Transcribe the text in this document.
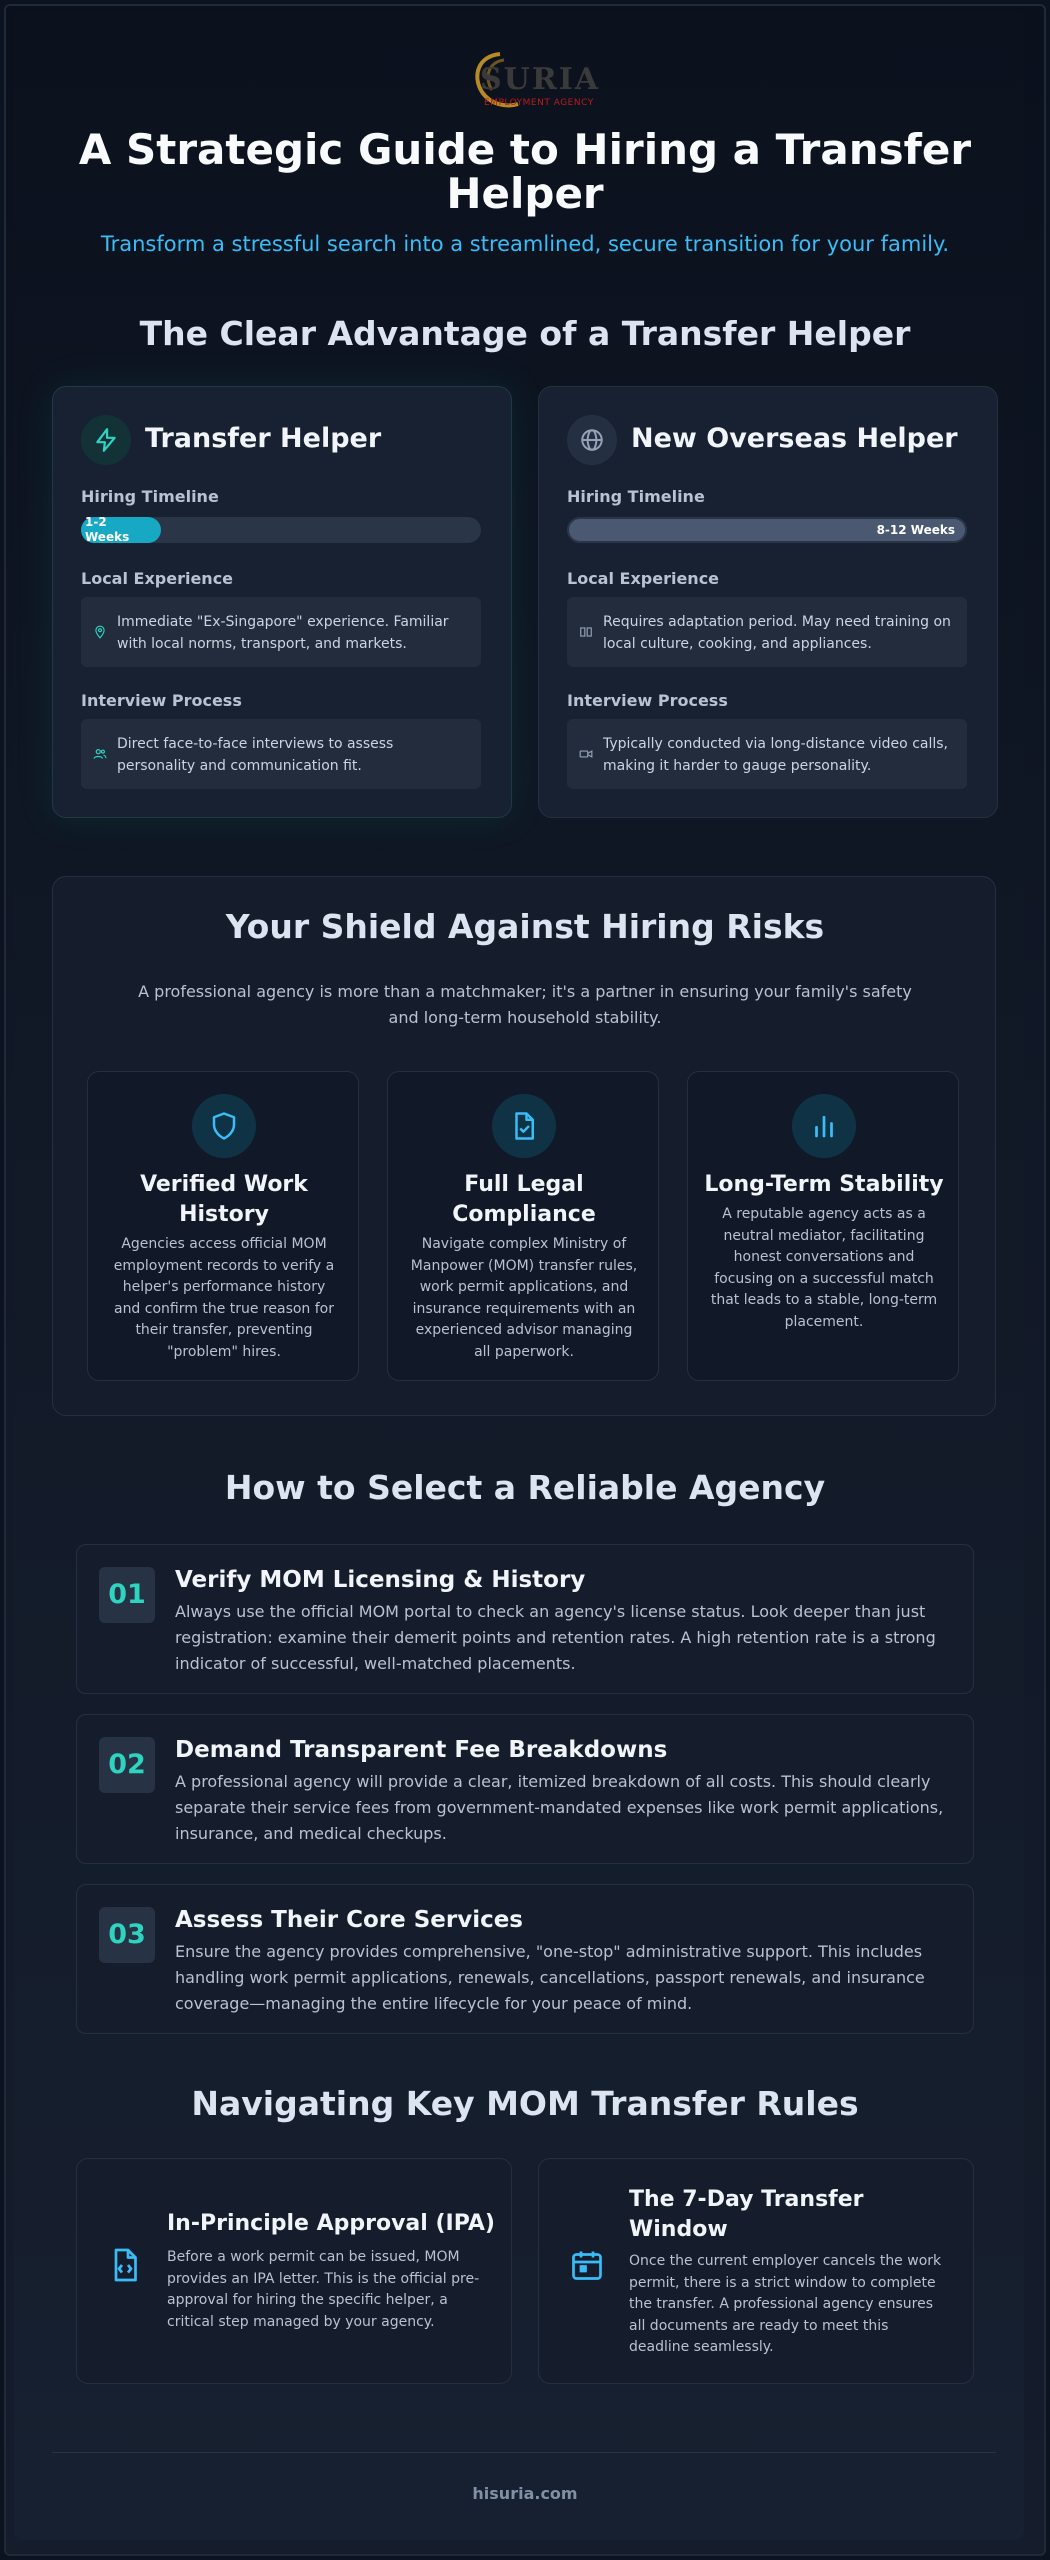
SURIA
EMPLOYMENT AGENCY
A Strategic Guide to Hiring a Transfer Helper

Transform a stressful search into a streamlined, secure transition for your family.

The Clear Advantage of a Transfer Helper
Transfer Helper
Hiring Timeline
1-2 Weeks
Local Experience
Immediate "Ex-Singapore" experience. Familiar with local norms, transport, and markets.
Interview Process
Direct face-to-face interviews to assess personality and communication fit.
New Overseas Helper
Hiring Timeline
8-12 Weeks
Local Experience
Requires adaptation period. May need training on local culture, cooking, and appliances.
Interview Process
Typically conducted via long-distance video calls, making it harder to gauge personality.
Your Shield Against Hiring Risks

A professional agency is more than a matchmaker; it's a partner in ensuring your family's safety and long-term household stability.

Verified Work History
Agencies access official MOM employment records to verify a helper's performance history and confirm the true reason for their transfer, preventing "problem" hires.
Full Legal Compliance
Navigate complex Ministry of Manpower (MOM) transfer rules, work permit applications, and insurance requirements with an experienced advisor managing all paperwork.
Long-Term Stability
A reputable agency acts as a neutral mediator, facilitating honest conversations and focusing on a successful match that leads to a stable, long-term placement.
How to Select a Reliable Agency
01	Verify MOM Licensing & History
Always use the official MOM portal to check an agency's license status. Look deeper than just registration: examine their demerit points and retention rates. A high retention rate is a strong indicator of successful, well-matched placements.
02	Demand Transparent Fee Breakdowns
A professional agency will provide a clear, itemized breakdown of all costs. This should clearly separate their service fees from government-mandated expenses like work permit applications, insurance, and medical checkups.
03	Assess Their Core Services
Ensure the agency provides comprehensive, "one-stop" administrative support. This includes handling work permit applications, renewals, cancellations, passport renewals, and insurance coverage—managing the entire lifecycle for your peace of mind.
Navigating Key MOM Transfer Rules
In-Principle Approval (IPA)
Before a work permit can be issued, MOM provides an IPA letter. This is the official pre-approval for hiring the specific helper, a critical step managed by your agency.
The 7-Day Transfer Window
Once the current employer cancels the work permit, there is a strict window to complete the transfer. A professional agency ensures all documents are ready to meet this deadline seamlessly.
hisuria.com
